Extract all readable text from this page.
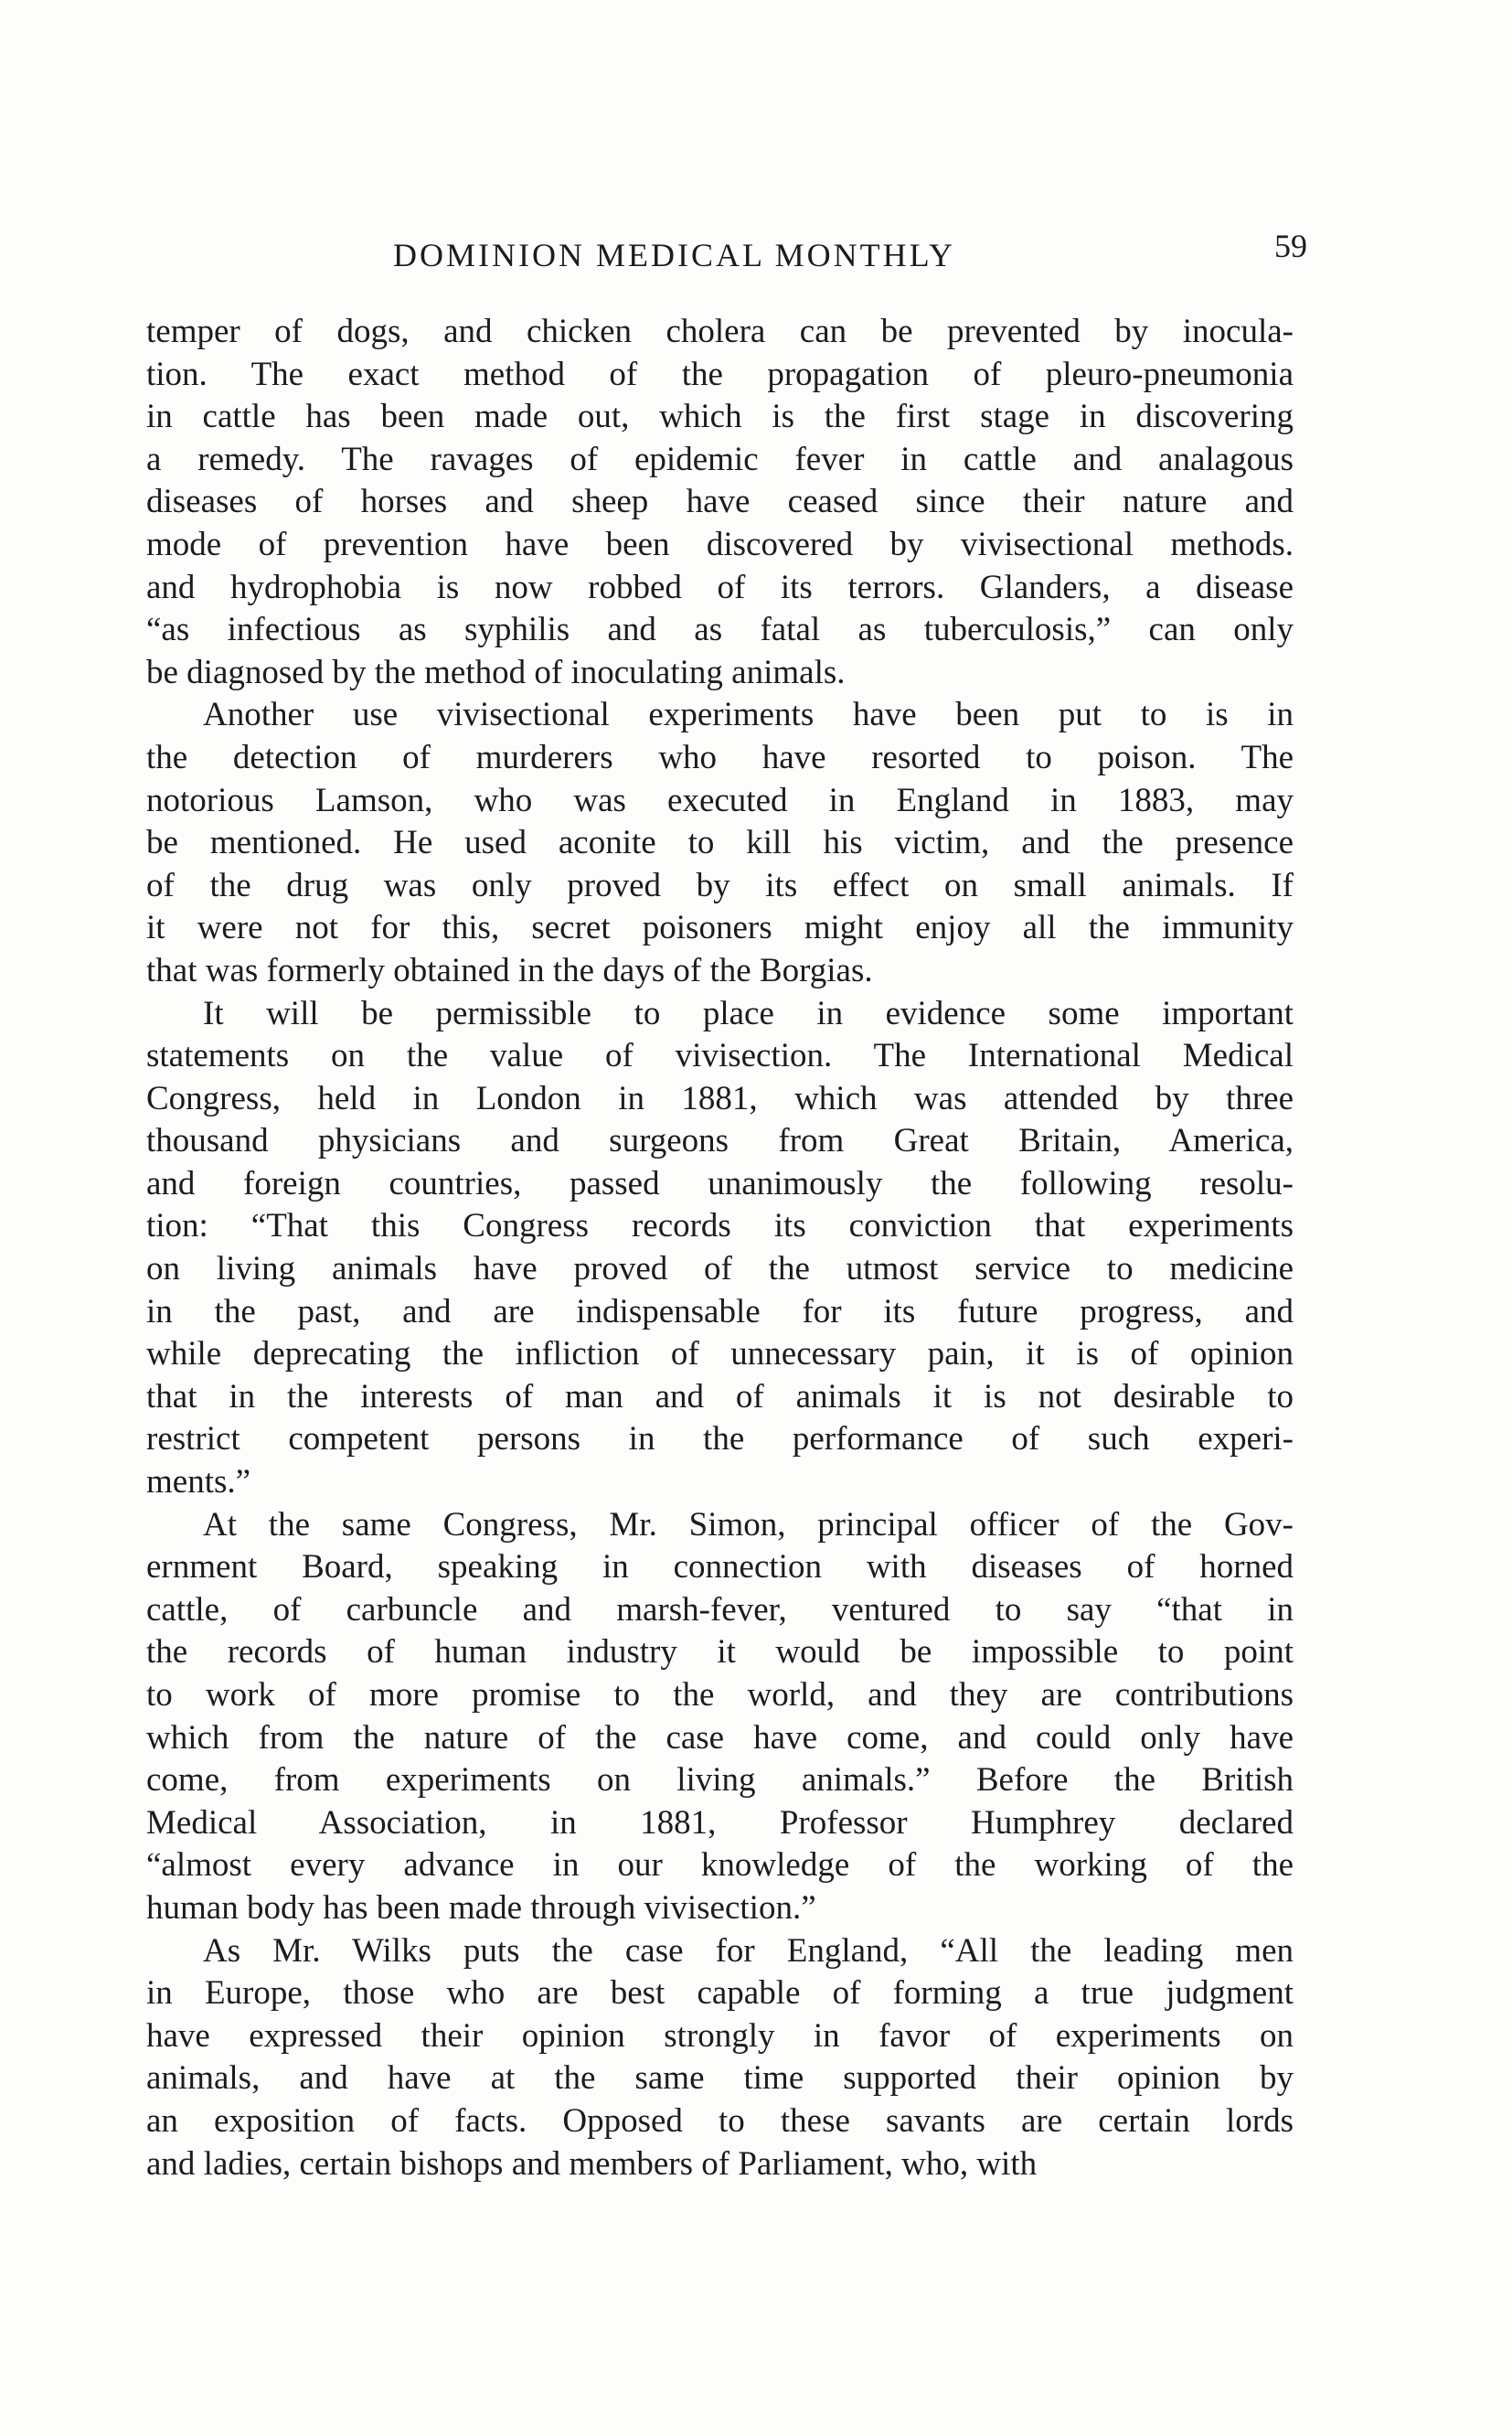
DOMINION MEDICAL MONTHLY	59
temper of dogs, and chicken cholera can be prevented by inocula-
tion. The exact method of the propagation of pleuro-pneumonia
in cattle has been made out, which is the first stage in discovering
a remedy. The ravages of epidemic fever in cattle and analagous
diseases of horses and sheep have ceased since their nature and
mode of prevention have been discovered by vivisectional methods.
and hydrophobia is now robbed of its terrors. Glanders, a disease
“as infectious as syphilis and as fatal as tuberculosis,” can only
be diagnosed by the method of inoculating animals.
Another use vivisectional experiments have been put to is in
the detection of murderers who have resorted to poison. The
notorious Lamson, who was executed in England in 1883, may
be mentioned. He used aconite to kill his victim, and the presence
of the drug was only proved by its effect on small animals. If
it were not for this, secret poisoners might enjoy all the immunity
that was formerly obtained in the days of the Borgias.
It will be permissible to place in evidence some important
statements on the value of vivisection. The International Medical
Congress, held in London in 1881, which was attended by three
thousand physicians and surgeons from Great Britain, America,
and foreign countries, passed unanimously the following resolu-
tion: “That this Congress records its conviction that experiments
on living animals have proved of the utmost service to medicine
in the past, and are indispensable for its future progress, and
while deprecating the infliction of unnecessary pain, it is of opinion
that in the interests of man and of animals it is not desirable to
restrict competent persons in the performance of such experi-
ments.”
At the same Congress, Mr. Simon, principal officer of the Gov-
ernment Board, speaking in connection with diseases of horned
cattle, of carbuncle and marsh-fever, ventured to say “that in
the records of human industry it would be impossible to point
to work of more promise to the world, and they are contributions
which from the nature of the case have come, and could only have
come, from experiments on living animals.” Before the British
Medical Association, in 1881, Professor Humphrey declared
“almost every advance in our knowledge of the working of the
human body has been made through vivisection.”
As Mr. Wilks puts the case for England, “All the leading men
in Europe, those who are best capable of forming a true judgment
have expressed their opinion strongly in favor of experiments on
animals, and have at the same time supported their opinion by
an exposition of facts. Opposed to these savants are certain lords
and ladies, certain bishops and members of Parliament, who, with
